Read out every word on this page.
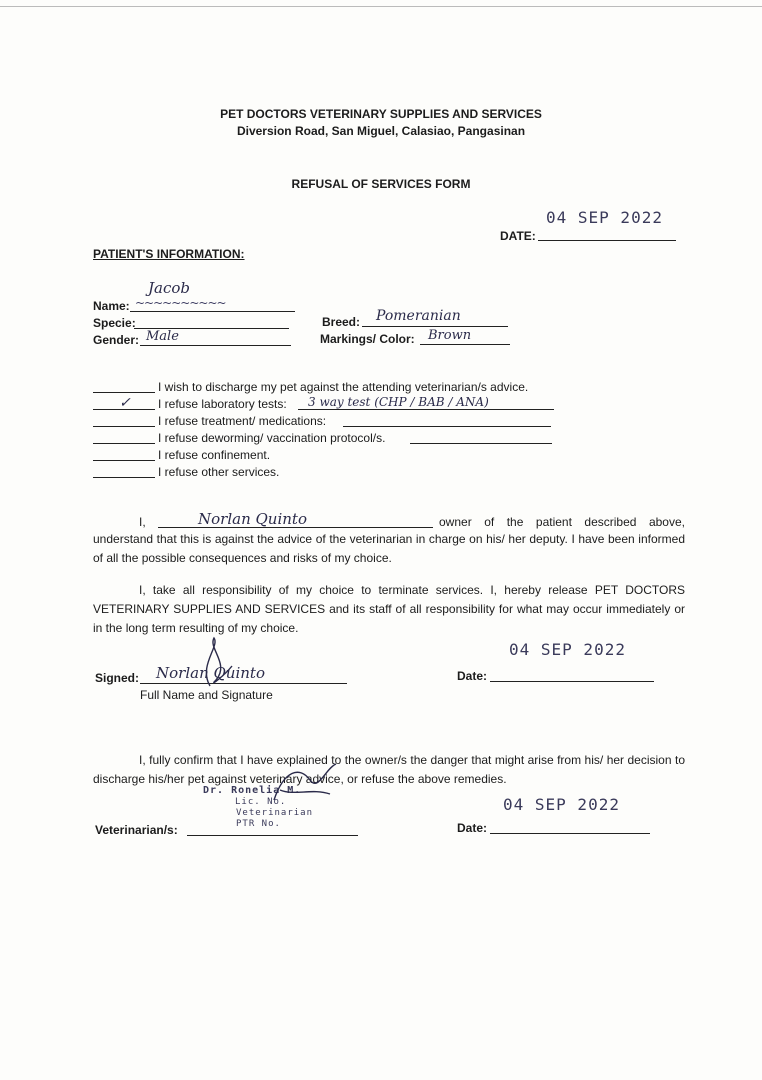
PET DOCTORS VETERINARY SUPPLIES AND SERVICES
Diversion Road, San Miguel, Calasiao, Pangasinan
REFUSAL OF SERVICES FORM
DATE:
04 SEP 2022
PATIENT'S INFORMATION:
Name:
Jacob
~~~~~~~~~~
Specie:
Gender: Male
Breed: Pomeranian
Markings/ Color: Brown
I wish to discharge my pet against the attending veterinarian/s advice.
✓ I refuse laboratory tests: 3 way test (CHP / BAB / ANA)
I refuse treatment/ medications:
I refuse deworming/ vaccination protocol/s.
I refuse confinement.
I refuse other services.
I,	Norlan Quinto	owner of the patient described above,
understand that this is against the advice of the veterinarian in charge on his/ her deputy. I have been informed of all the possible consequences and risks of my choice.
I, take all responsibility of my choice to terminate services. I, hereby release PET DOCTORS VETERINARY SUPPLIES AND SERVICES and its staff of all responsibility for what may occur immediately or in the long term resulting of my choice.
Signed: Norlan Quinto
Full Name and Signature
Date:
04 SEP 2022
I, fully confirm that I have explained to the owner/s the danger that might arise from his/ her decision to discharge his/her pet against veterinary advice, or refuse the above remedies.
Dr. Ronelia M.
Lic. No.
Veterinarian
PTR No.
Veterinarian/s:	Date:
04 SEP 2022
